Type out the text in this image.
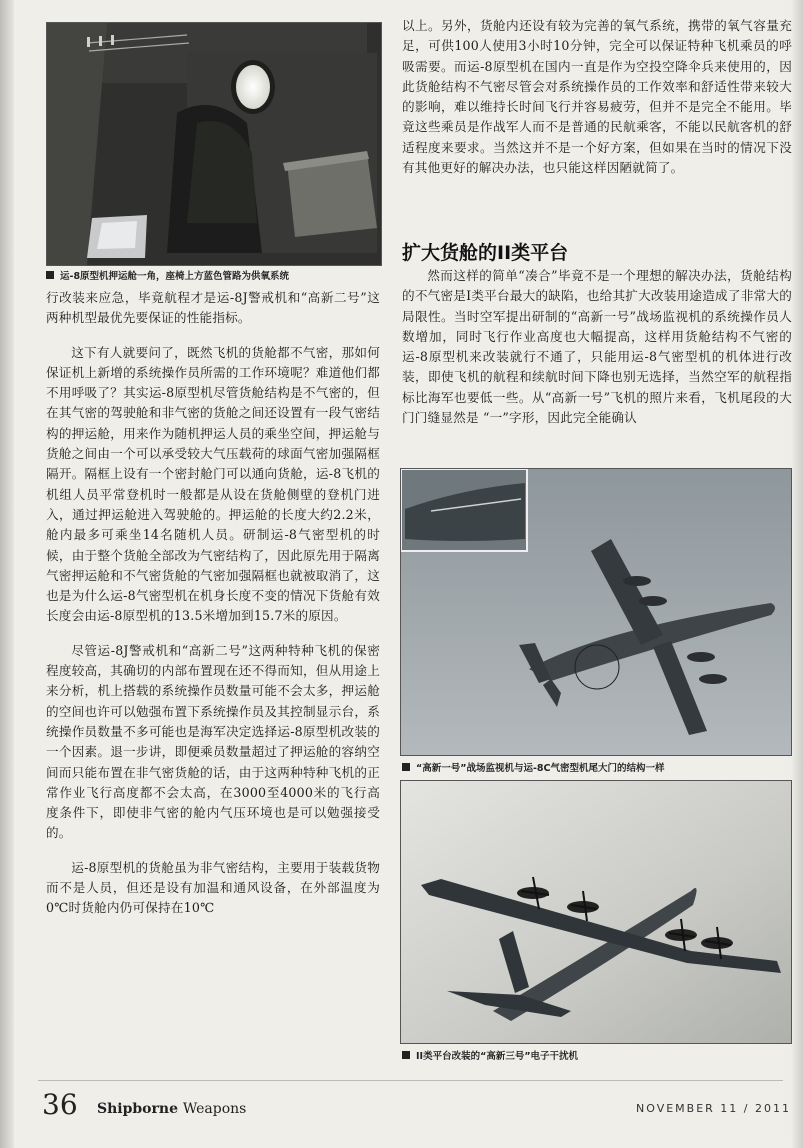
运-8原型机押运舱一角，座椅上方蓝色管路为供氧系统

行改装来应急，毕竟航程才是运-8J警戒机和“高新二号”这两种机型最优先要保证的性能指标。

这下有人就要问了，既然飞机的货舱都不气密，那如何保证机上新增的系统操作员所需的工作环境呢？难道他们都不用呼吸了？其实运-8原型机尽管货舱结构是不气密的，但在其气密的驾驶舱和非气密的货舱之间还设置有一段气密结构的押运舱，用来作为随机押运人员的乘坐空间，押运舱与货舱之间由一个可以承受较大气压载荷的球面气密加强隔框隔开。隔框上设有一个密封舱门可以通向货舱，运-8飞机的机组人员平常登机时一般都是从设在货舱侧壁的登机门进入，通过押运舱进入驾驶舱的。押运舱的长度大约2.2米，舱内最多可乘坐14名随机人员。研制运-8气密型机的时候，由于整个货舱全部改为气密结构了，因此原先用于隔离气密押运舱和不气密货舱的气密加强隔框也就被取消了，这也是为什么运-8气密型机在机身长度不变的情况下货舱有效长度会由运-8原型机的13.5米增加到15.7米的原因。

尽管运-8J警戒机和“高新二号”这两种特种飞机的保密程度较高，其确切的内部布置现在还不得而知，但从用途上来分析，机上搭载的系统操作员数量可能不会太多，押运舱的空间也许可以勉强布置下系统操作员及其控制显示台，系统操作员数量不多可能也是海军决定选择运-8原型机改装的一个因素。退一步讲，即便乘员数量超过了押运舱的容纳空间而只能布置在非气密货舱的话，由于这两种特种飞机的正常作业飞行高度都不会太高，在3000至4000米的飞行高度条件下，即使非气密的舱内气压环境也是可以勉强接受的。

运-8原型机的货舱虽为非气密结构，主要用于装载货物而不是人员，但还是设有加温和通风设备，在外部温度为0℃时货舱内仍可保持在10℃

以上。另外，货舱内还设有较为完善的氧气系统，携带的氧气容量充足，可供100人使用3小时10分钟，完全可以保证特种飞机乘员的呼吸需要。而运-8原型机在国内一直是作为空投空降伞兵来使用的，因此货舱结构不气密尽管会对系统操作员的工作效率和舒适性带来较大的影响，难以维持长时间飞行并容易疲劳，但并不是完全不能用。毕竟这些乘员是作战军人而不是普通的民航乘客，不能以民航客机的舒适程度来要求。当然这并不是一个好方案，但如果在当时的情况下没有其他更好的解决办法，也只能这样因陋就简了。

扩大货舱的II类平台

然而这样的简单“凑合”毕竟不是一个理想的解决办法，货舱结构的不气密是I类平台最大的缺陷，也给其扩大改装用途造成了非常大的局限性。当时空军提出研制的“高新一号”战场监视机的系统操作员人数增加，同时飞行作业高度也大幅提高，这样用货舱结构不气密的运-8原型机来改装就行不通了，只能用运-8气密型机的机体进行改装，即使飞机的航程和续航时间下降也别无选择，当然空军的航程指标比海军也要低一些。从“高新一号”飞机的照片来看，飞机尾段的大门门缝显然是 “一”字形，因此完全能确认

“高新一号”战场监视机与运-8C气密型机尾大门的结构一样
II类平台改装的“高新三号”电子干扰机
36 Shipborne Weapons	NOVEMBER 11 / 2011
